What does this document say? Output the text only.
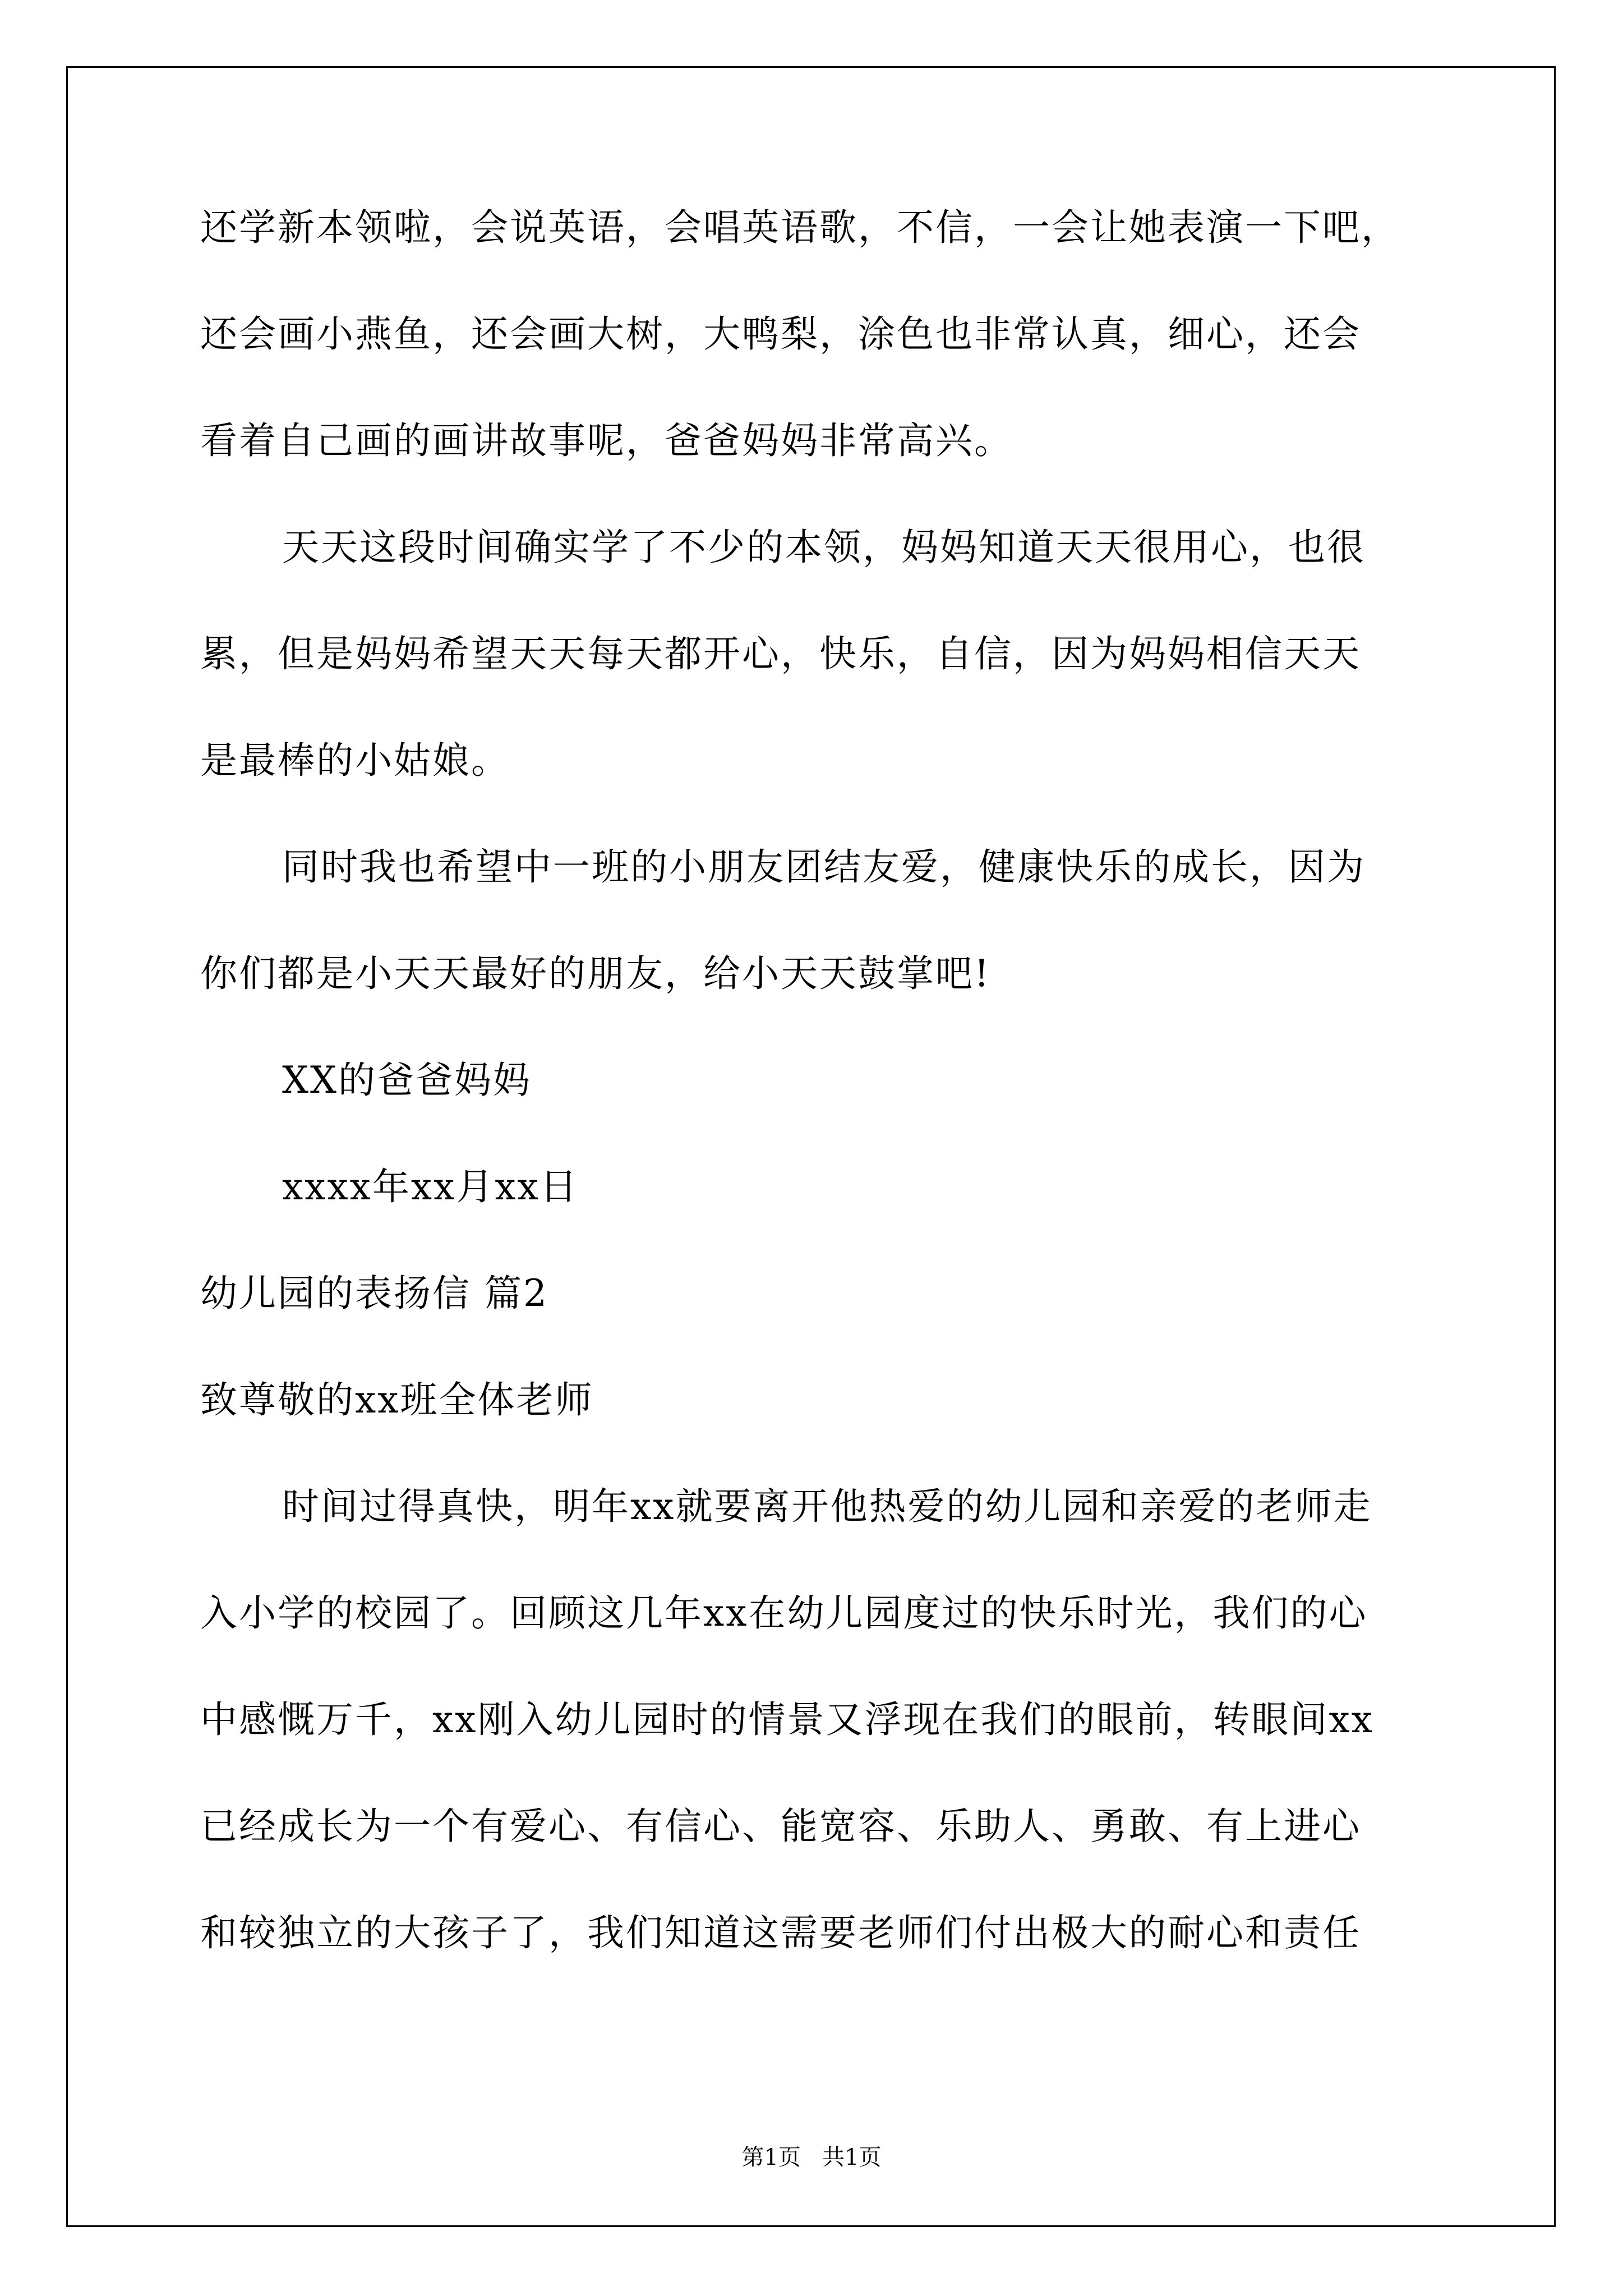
还学新本领啦，会说英语，会唱英语歌，不信，一会让她表演一下吧，
还会画小燕鱼，还会画大树，大鸭梨，涂色也非常认真，细心，还会
看着自己画的画讲故事呢，爸爸妈妈非常高兴。
天天这段时间确实学了不少的本领，妈妈知道天天很用心，也很
累，但是妈妈希望天天每天都开心，快乐，自信，因为妈妈相信天天
是最棒的小姑娘。
同时我也希望中一班的小朋友团结友爱，健康快乐的成长，因为
你们都是小天天最好的朋友，给小天天鼓掌吧!
XX的爸爸妈妈
xxxx年xx月xx日
幼儿园的表扬信 篇2
致尊敬的xx班全体老师
时间过得真快，明年xx就要离开他热爱的幼儿园和亲爱的老师走
入小学的校园了。回顾这几年xx在幼儿园度过的快乐时光，我们的心
中感慨万千，xx刚入幼儿园时的情景又浮现在我们的眼前，转眼间xx
已经成长为一个有爱心、有信心、能宽容、乐助人、勇敢、有上进心
和较独立的大孩子了，我们知道这需要老师们付出极大的耐心和责任
第1页   共1页
